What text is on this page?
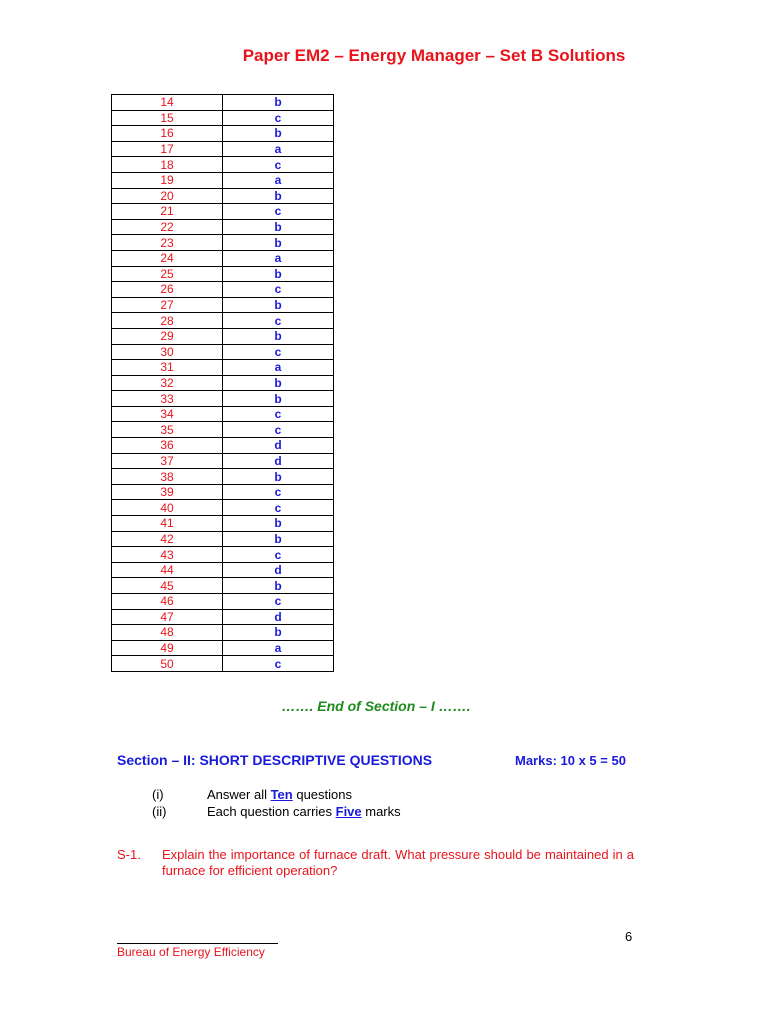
Paper EM2 – Energy Manager – Set B Solutions
14	b
15	c
16	b
17	a
18	c
19	a
20	b
21	c
22	b
23	b
24	a
25	b
26	c
27	b
28	c
29	b
30	c
31	a
32	b
33	b
34	c
35	c
36	d
37	d
38	b
39	c
40	c
41	b
42	b
43	c
44	d
45	b
46	c
47	d
48	b
49	a
50	c
……. End of Section – I …….
Section – II: SHORT DESCRIPTIVE QUESTIONS	Marks: 10 x 5 = 50
(i)	Answer all Ten questions
(ii)	Each question carries Five marks
S-1. Explain the importance of furnace draft. What pressure should be maintained in a furnace for efficient operation?
6
Bureau of Energy Efficiency
